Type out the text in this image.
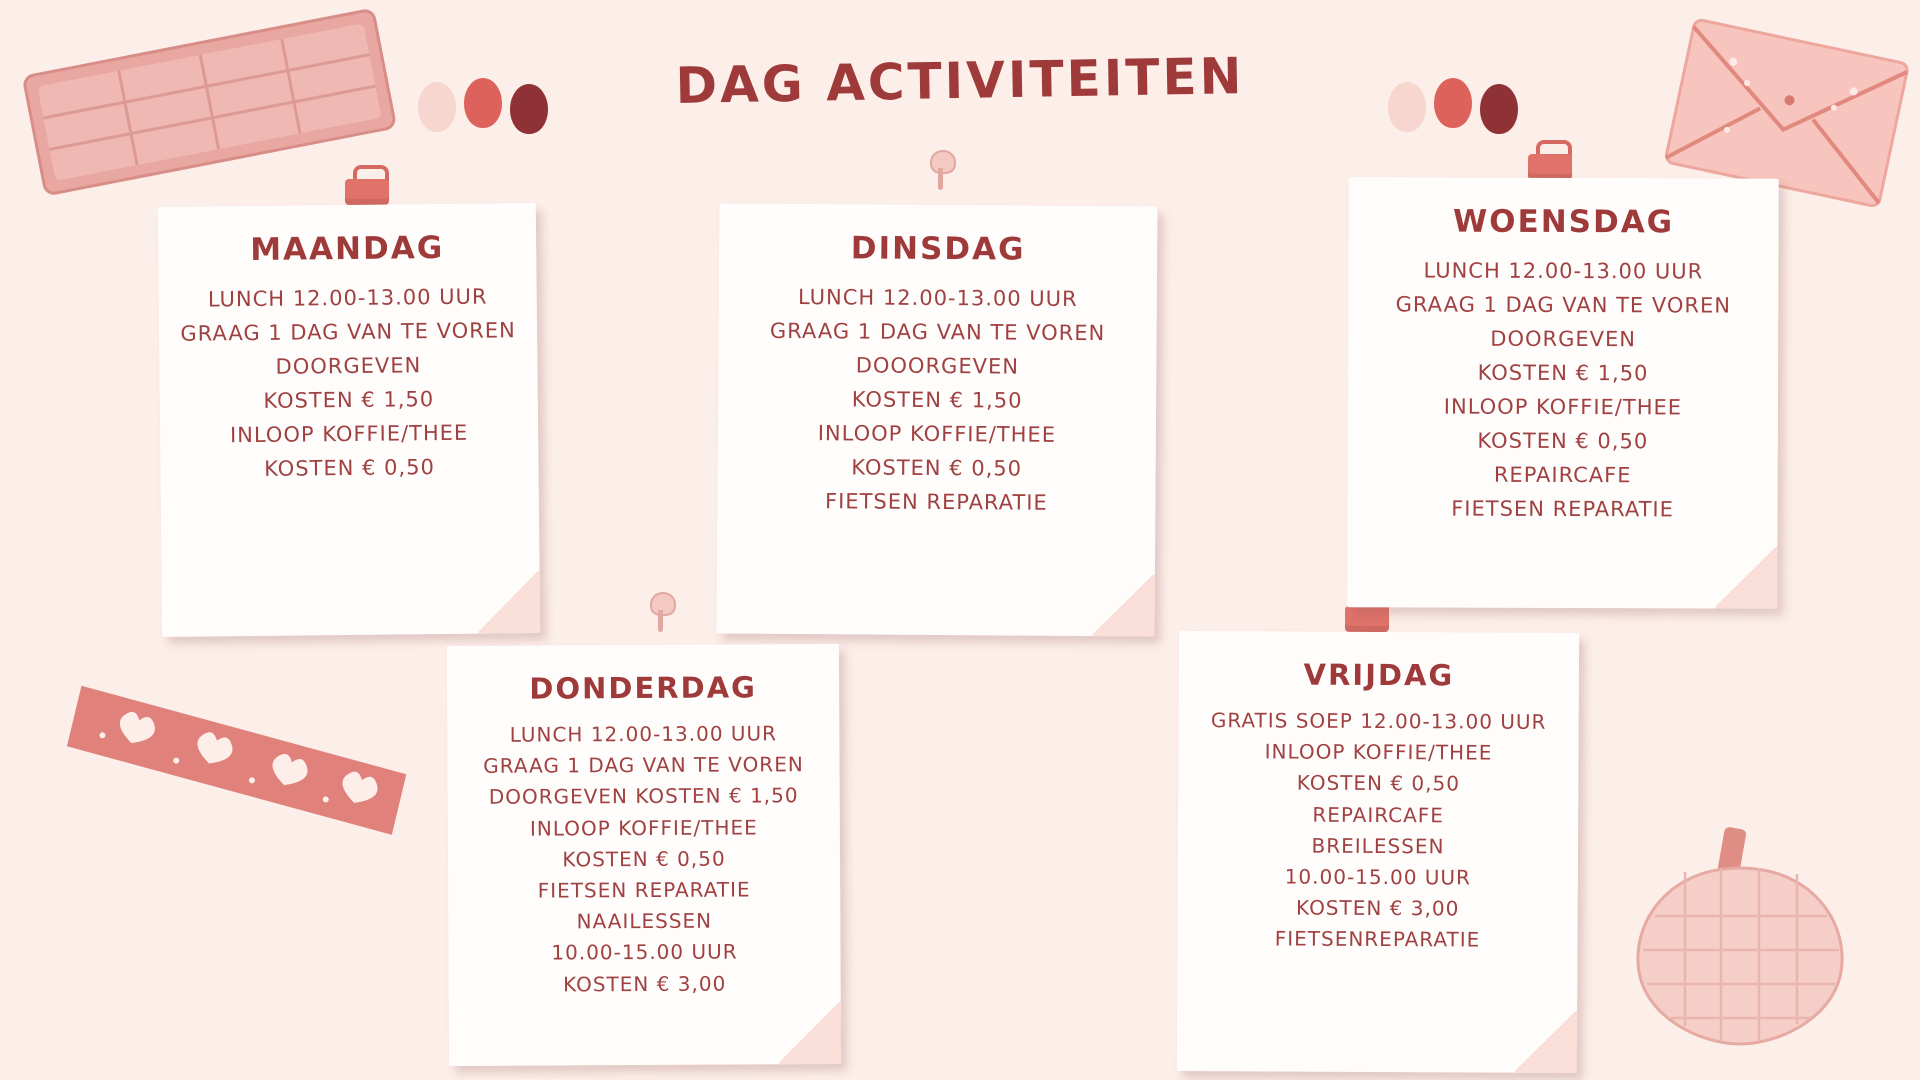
DAG ACTIVITEITEN
MAANDAG
LUNCH 12.00-13.00 UUR
GRAAG 1 DAG VAN TE VOREN
DOORGEVEN
KOSTEN € 1,50
INLOOP KOFFIE/THEE
KOSTEN € 0,50
DINSDAG
LUNCH 12.00-13.00 UUR
GRAAG 1 DAG VAN TE VOREN
DOOORGEVEN
KOSTEN € 1,50
INLOOP KOFFIE/THEE
KOSTEN € 0,50
FIETSEN REPARATIE
WOENSDAG
LUNCH 12.00-13.00 UUR
GRAAG 1 DAG VAN TE VOREN
DOORGEVEN
KOSTEN € 1,50
INLOOP KOFFIE/THEE
KOSTEN € 0,50
REPAIRCAFE
FIETSEN REPARATIE
DONDERDAG
LUNCH 12.00-13.00 UUR
GRAAG 1 DAG VAN TE VOREN
DOORGEVEN KOSTEN € 1,50
INLOOP KOFFIE/THEE
KOSTEN € 0,50
FIETSEN REPARATIE
NAAILESSEN
10.00-15.00 UUR
KOSTEN € 3,00
VRIJDAG
GRATIS SOEP 12.00-13.00 UUR
INLOOP KOFFIE/THEE
KOSTEN € 0,50
REPAIRCAFE
BREILESSEN
10.00-15.00 UUR
KOSTEN € 3,00
FIETSENREPARATIE
